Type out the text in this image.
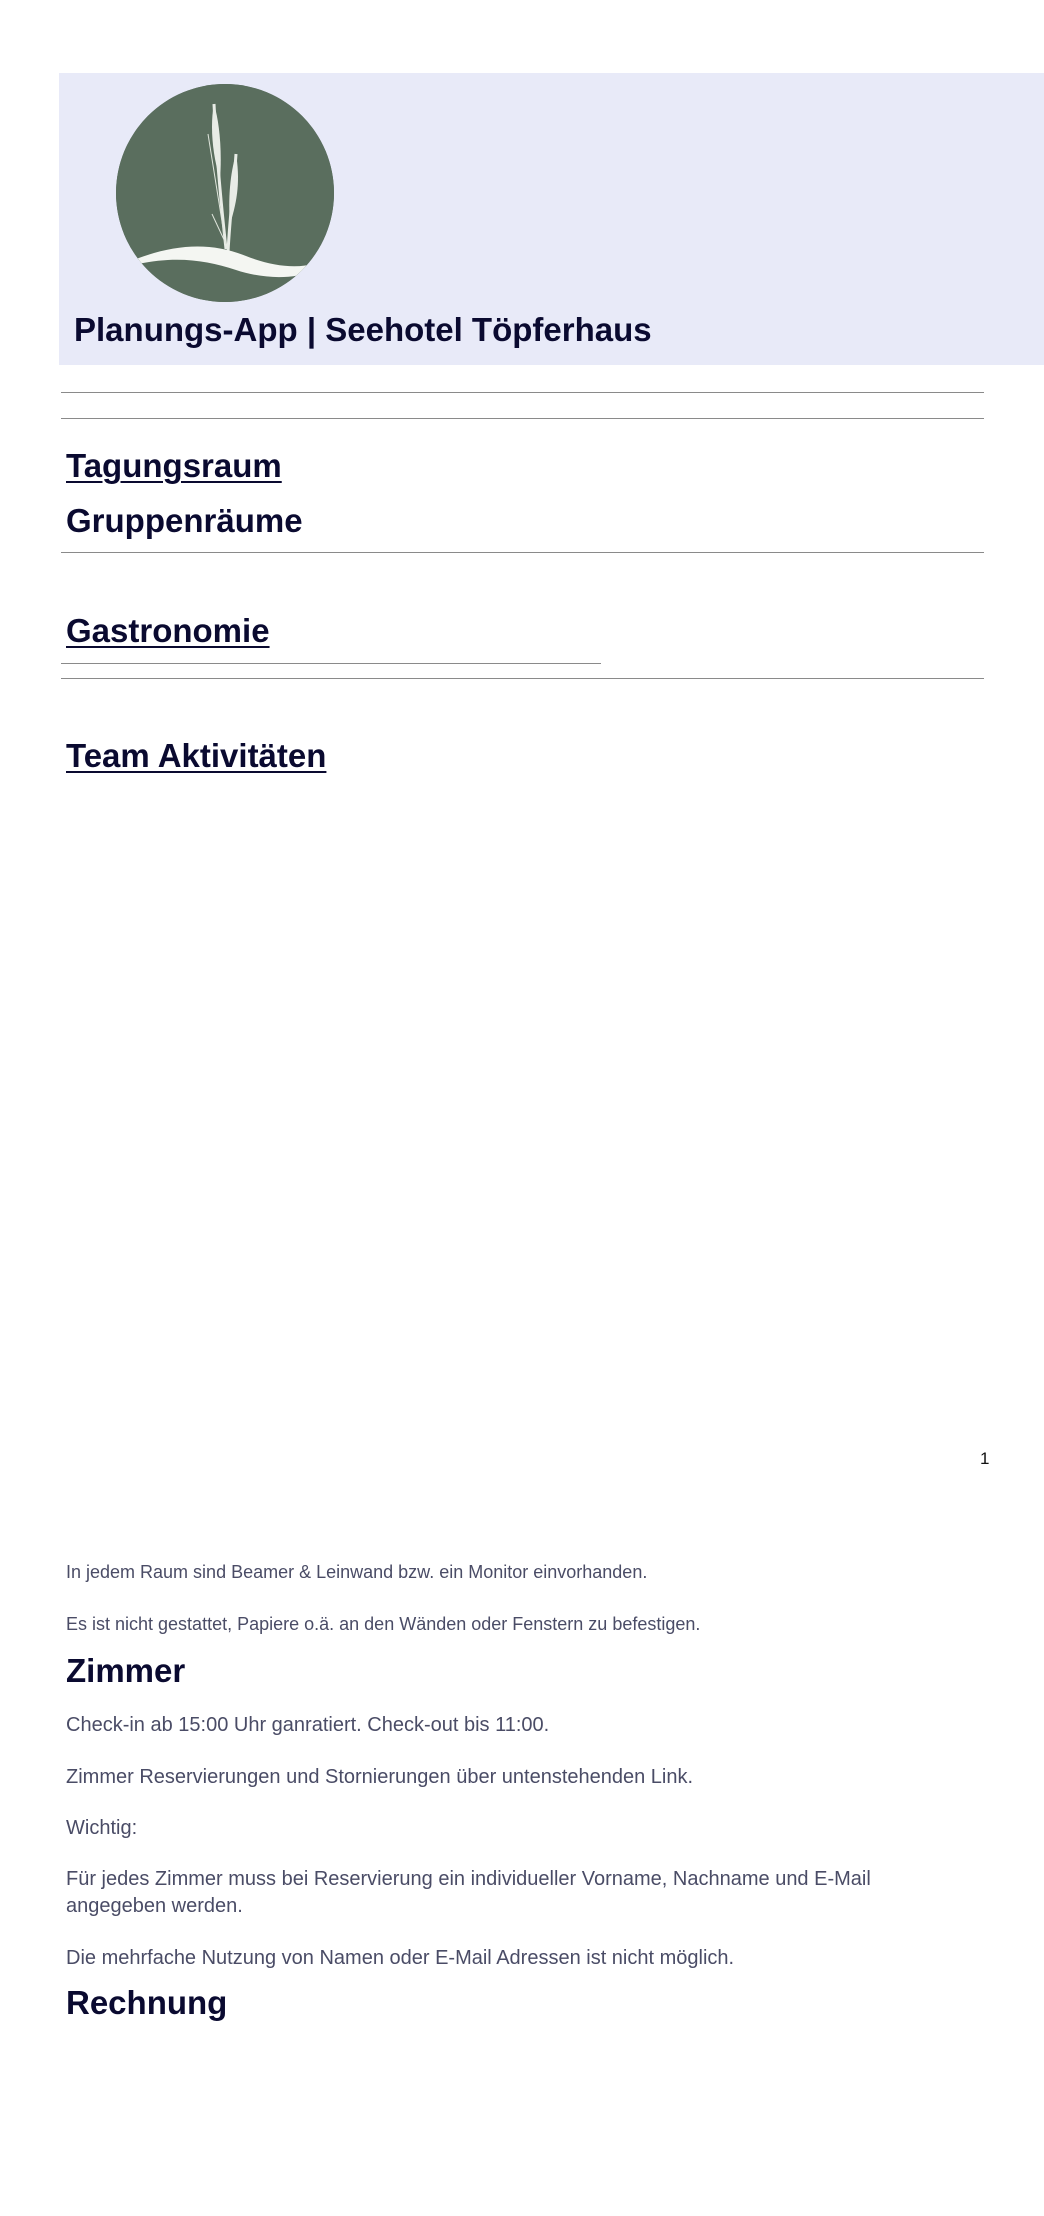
Planungs-App | Seehotel Töpferhaus
Tagungsraum
Gruppenräume
Gastronomie
Team Aktivitäten
1

In jedem Raum sind Beamer & Leinwand bzw. ein Monitor einvorhanden.

Es ist nicht gestattet, Papiere o.ä. an den Wänden oder Fenstern zu befestigen.

Zimmer

Check-in ab 15:00 Uhr ganratiert. Check-out bis 11:00.

Zimmer Reservierungen und Stornierungen über untenstehenden Link.

Wichtig:

Für jedes Zimmer muss bei Reservierung ein individueller Vorname, Nachname und E-Mail angegeben werden.

Die mehrfache Nutzung von Namen oder E-Mail Adressen ist nicht möglich.

Rechnung
